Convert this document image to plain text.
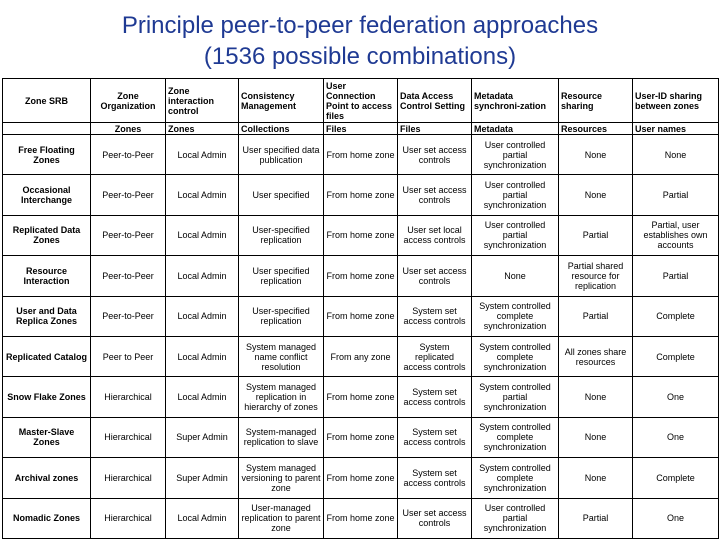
Principle peer-to-peer federation approaches
(1536 possible combinations)
Zone SRB	Zone Organization	Zone interaction control	Consistency Management	User Connection Point to access files	Data Access Control Setting	Metadata synchroni-zation	Resource sharing	User-ID sharing between zones
	Zones	Zones	Collections	Files	Files	Metadata	Resources	User names
Free Floating Zones	Peer-to-Peer	Local Admin	User specified data publication	From home zone	User set access controls	User controlled partial synchronization	None	None
Occasional Interchange	Peer-to-Peer	Local Admin	User specified	From home zone	User set access controls	User controlled partial synchronization	None	Partial
Replicated Data Zones	Peer-to-Peer	Local Admin	User-specified replication	From home zone	User set local access controls	User controlled partial synchronization	Partial	Partial, user establishes own accounts
Resource Interaction	Peer-to-Peer	Local Admin	User specified replication	From home zone	User set access controls	None	Partial shared resource for replication	Partial
User and Data Replica Zones	Peer-to-Peer	Local Admin	User-specified replication	From home zone	System set access controls	System controlled complete synchronization	Partial	Complete
Replicated Catalog	Peer to Peer	Local Admin	System managed name conflict resolution	From any zone	System replicated access controls	System controlled complete synchronization	All zones share resources	Complete
Snow Flake Zones	Hierarchical	Local Admin	System managed replication in hierarchy of zones	From home zone	System set access controls	System controlled partial synchronization	None	One
Master-Slave Zones	Hierarchical	Super Admin	System-managed replication to slave	From home zone	System set access controls	System controlled complete synchronization	None	One
Archival zones	Hierarchical	Super Admin	System managed versioning to parent zone	From home zone	System set access controls	System controlled complete synchronization	None	Complete
Nomadic Zones	Hierarchical	Local Admin	User-managed replication to parent zone	From home zone	User set access controls	User controlled partial synchronization	Partial	One
